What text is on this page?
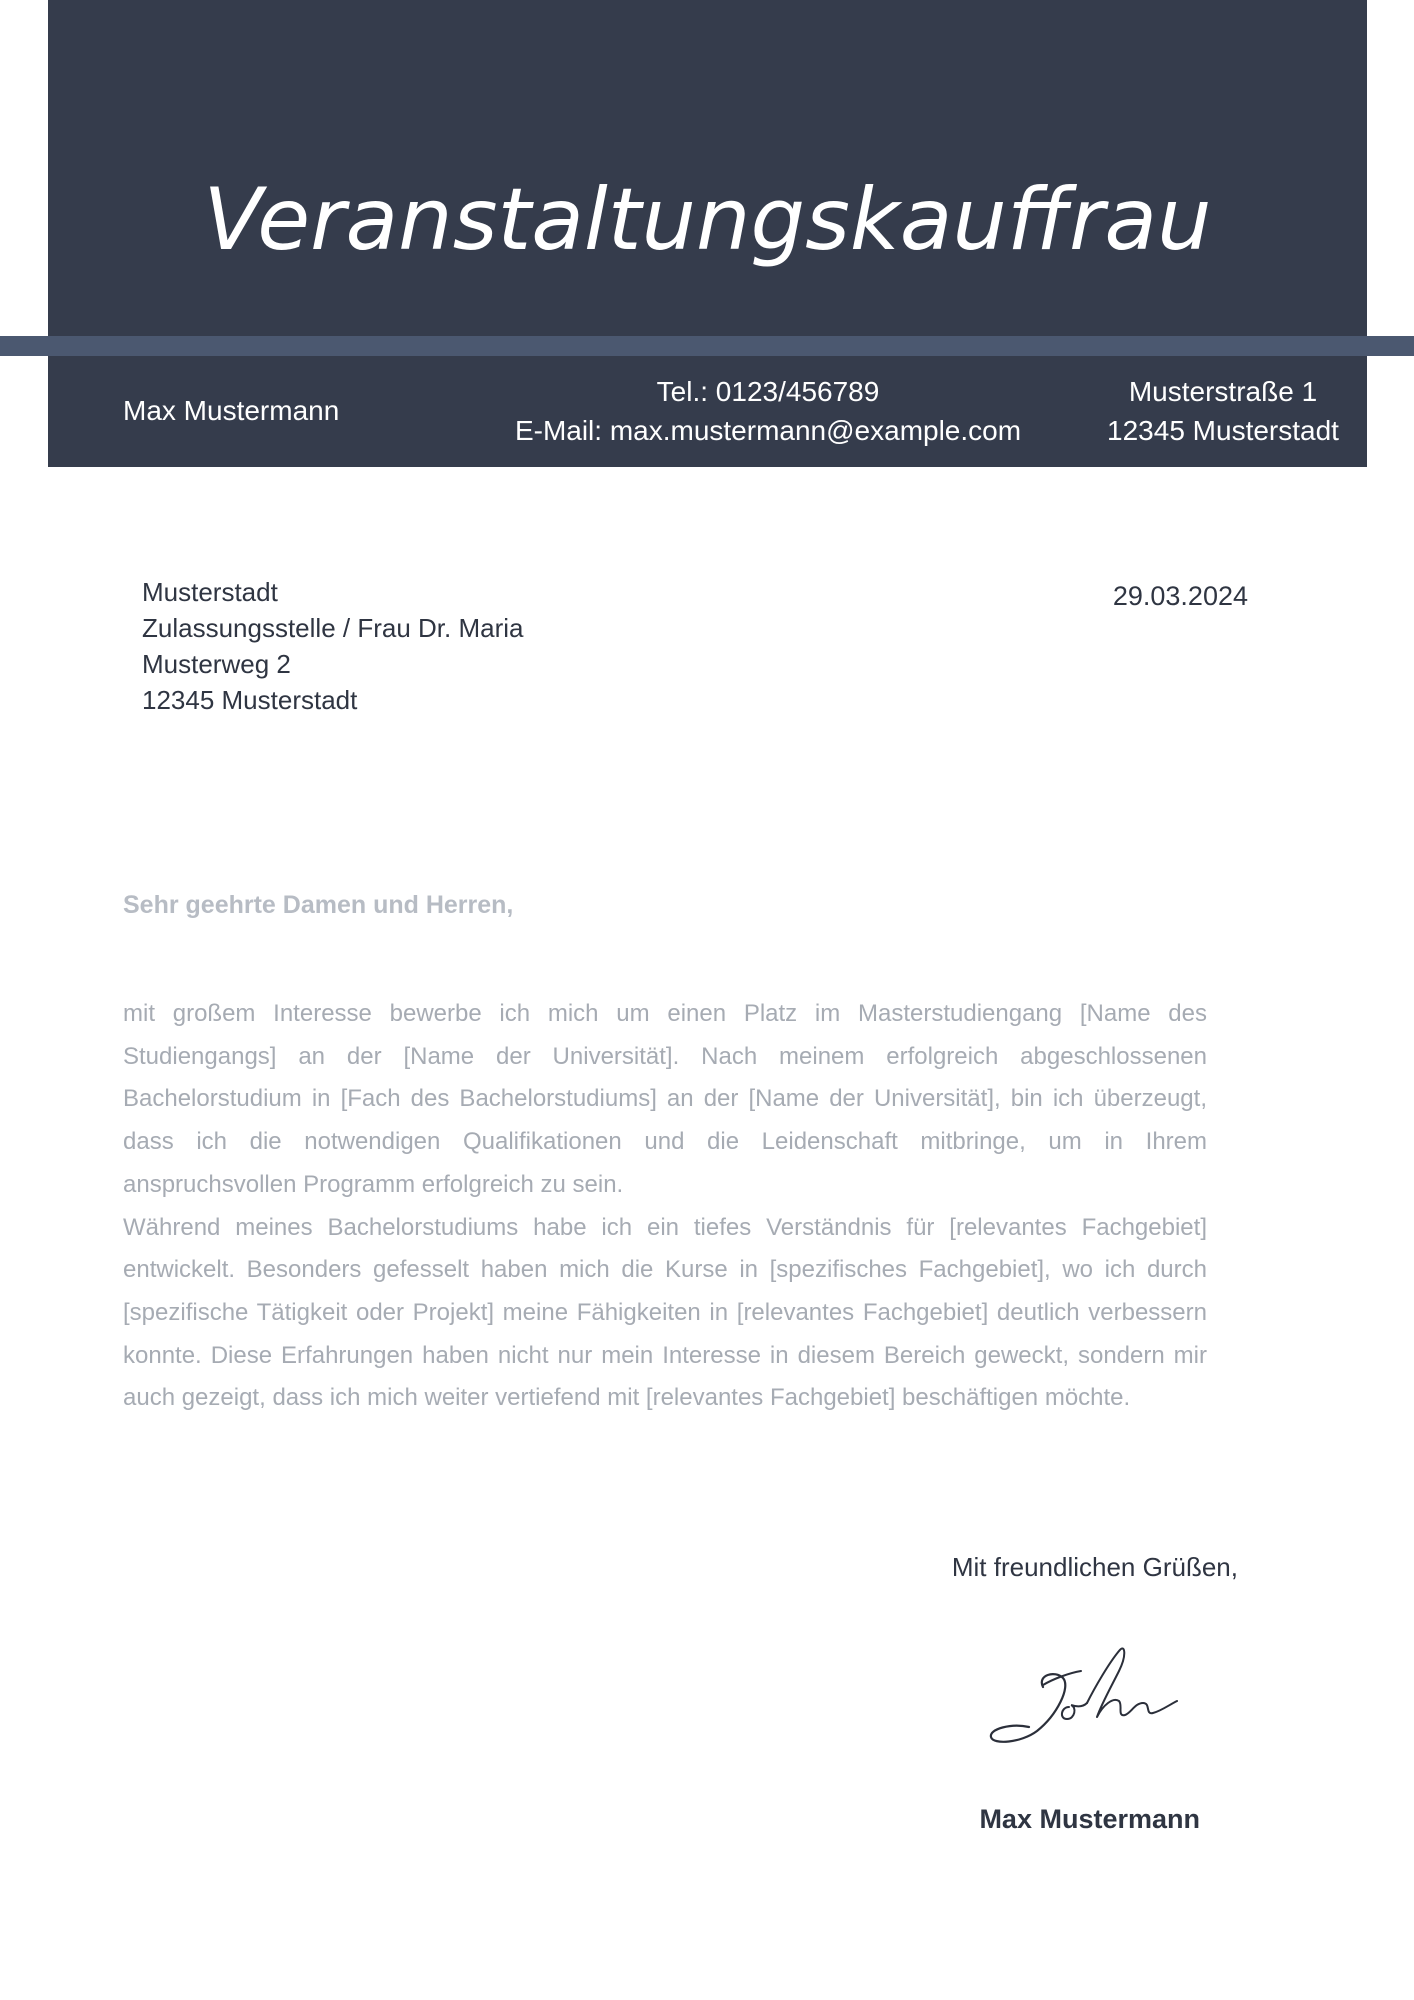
Veranstaltungskauffrau
Max Mustermann
Tel.: 0123/456789
E-Mail: max.mustermann@example.com
Musterstraße 1
12345 Musterstadt
Musterstadt
Zulassungsstelle / Frau Dr. Maria
Musterweg 2
12345 Musterstadt
29.03.2024
Sehr geehrte Damen und Herren,

mit großem Interesse bewerbe ich mich um einen Platz im Masterstudiengang [Name des Studiengangs] an der [Name der Universität]. Nach meinem erfolgreich abgeschlossenen Bachelorstudium in [Fach des Bachelorstudiums] an der [Name der Universität], bin ich überzeugt, dass ich die notwendigen Qualifikationen und die Leidenschaft mitbringe, um in Ihrem anspruchsvollen Programm erfolgreich zu sein.

Während meines Bachelorstudiums habe ich ein tiefes Verständnis für [relevantes Fachgebiet] entwickelt. Besonders gefesselt haben mich die Kurse in [spezifisches Fachgebiet], wo ich durch [spezifische Tätigkeit oder Projekt] meine Fähigkeiten in [relevantes Fachgebiet] deutlich verbessern konnte. Diese Erfahrungen haben nicht nur mein Interesse in diesem Bereich geweckt, sondern mir auch gezeigt, dass ich mich weiter vertiefend mit [relevantes Fachgebiet] beschäftigen möchte.

Mit freundlichen Grüßen,
Max Mustermann
